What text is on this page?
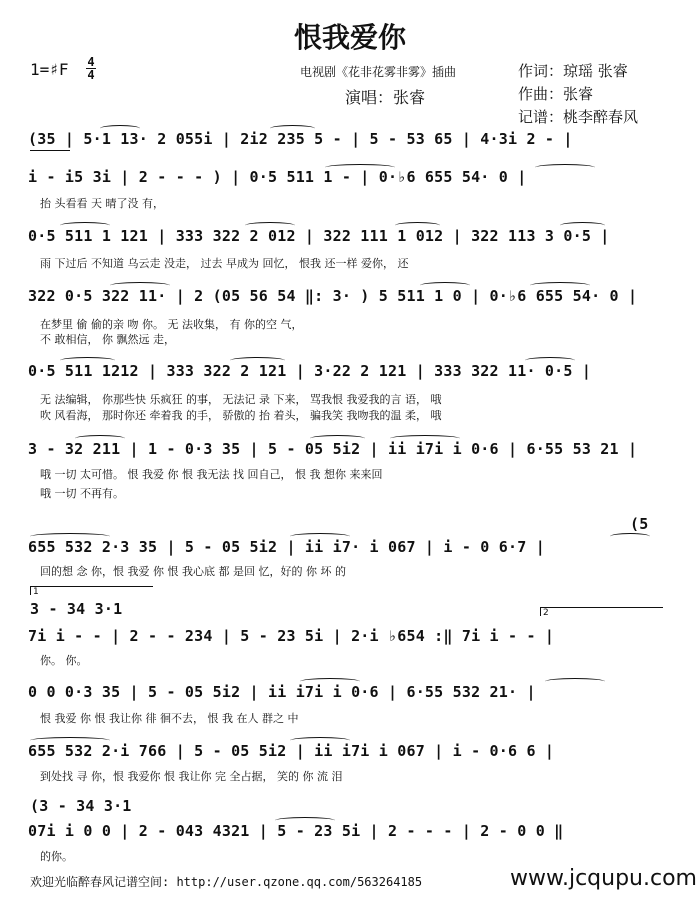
恨我爱你
1=♯F 4
4	电视剧《花非花雾非雾》插曲
演唱：张睿
作词：琼瑶 张睿
作曲：张睿
记谱：桃李醉春风
(35 | 5·1 13· 2 055i | 2i2 235 5 - | 5 - 53 65 | 4·3i 2 - |
i - i5 3i | 2 - - - ) | 0·5 511 1 - | 0·♭6 655 54· 0 |
抬 头看看 天 晴了没 有，
0·5 511 1 121 | 333 322 2 012 | 322 111 1 012 | 322 113 3 0·5 |
雨 下过后 不知道 乌云走 没走， 过去 早成为 回忆， 恨我 还一样 爱你， 还
322 0·5 322 11· | 2 (05 56 54 ‖: 3· ) 5 511 1 0 | 0·♭6 655 54· 0 |
在梦里 偷 偷的亲 吻 你。 无 法收集， 有 你的空 气，
不 敢相信， 你 飘然远 走，
0·5 511 1212 | 333 322 2 121 | 3·22 2 121 | 333 322 11· 0·5 |
无 法编辑， 你那些快 乐疯狂 的事， 无法记 录 下来， 骂我恨 我爱我的言 语， 哦
吹 风看海， 那时你还 牵着我 的手， 骄傲的 抬 着头， 骗我笑 我吻我的温 柔， 哦
3 - 32 211 | 1 - 0·3 35 | 5 - 05 5i2 | ii i7i i 0·6 | 6·55 53 21 |
哦 一切 太可惜。 恨 我爱 你 恨 我无法 找 回自己， 恨 我 想你 来来回
哦 一切 不再有。
(5
655 532 2·3 35 | 5 - 05 5i2 | ii i7· i 067 | i - 0 6·7 |
回的想 念 你，恨 我爱 你 恨 我心底 都 是回 忆，好的 你 坏 的
3 - 34 3·1
1
2
7i i - - | 2 - - 234 | 5 - 23 5i | 2·i ♭654 :‖ 7i i - - |
你。 你。
0 0 0·3 35 | 5 - 05 5i2 | ii i7i i 0·6 | 6·55 532 21· |
恨 我爱 你 恨 我让你 徘 徊不去， 恨 我 在人 群之 中
655 532 2·i 766 | 5 - 05 5i2 | ii i7i i 067 | i - 0·6 6 |
到处找 寻 你，恨 我爱你 恨 我让你 完 全占据， 笑的 你 流 泪
(3 - 34 3·1
07i i 0 0 | 2 - 043 4321 | 5 - 23 5i | 2 - - - | 2 - 0 0 ‖
的你。
欢迎光临醉春风记谱空间: http://user.qzone.qq.com/563264185	www.jcqupu.com
